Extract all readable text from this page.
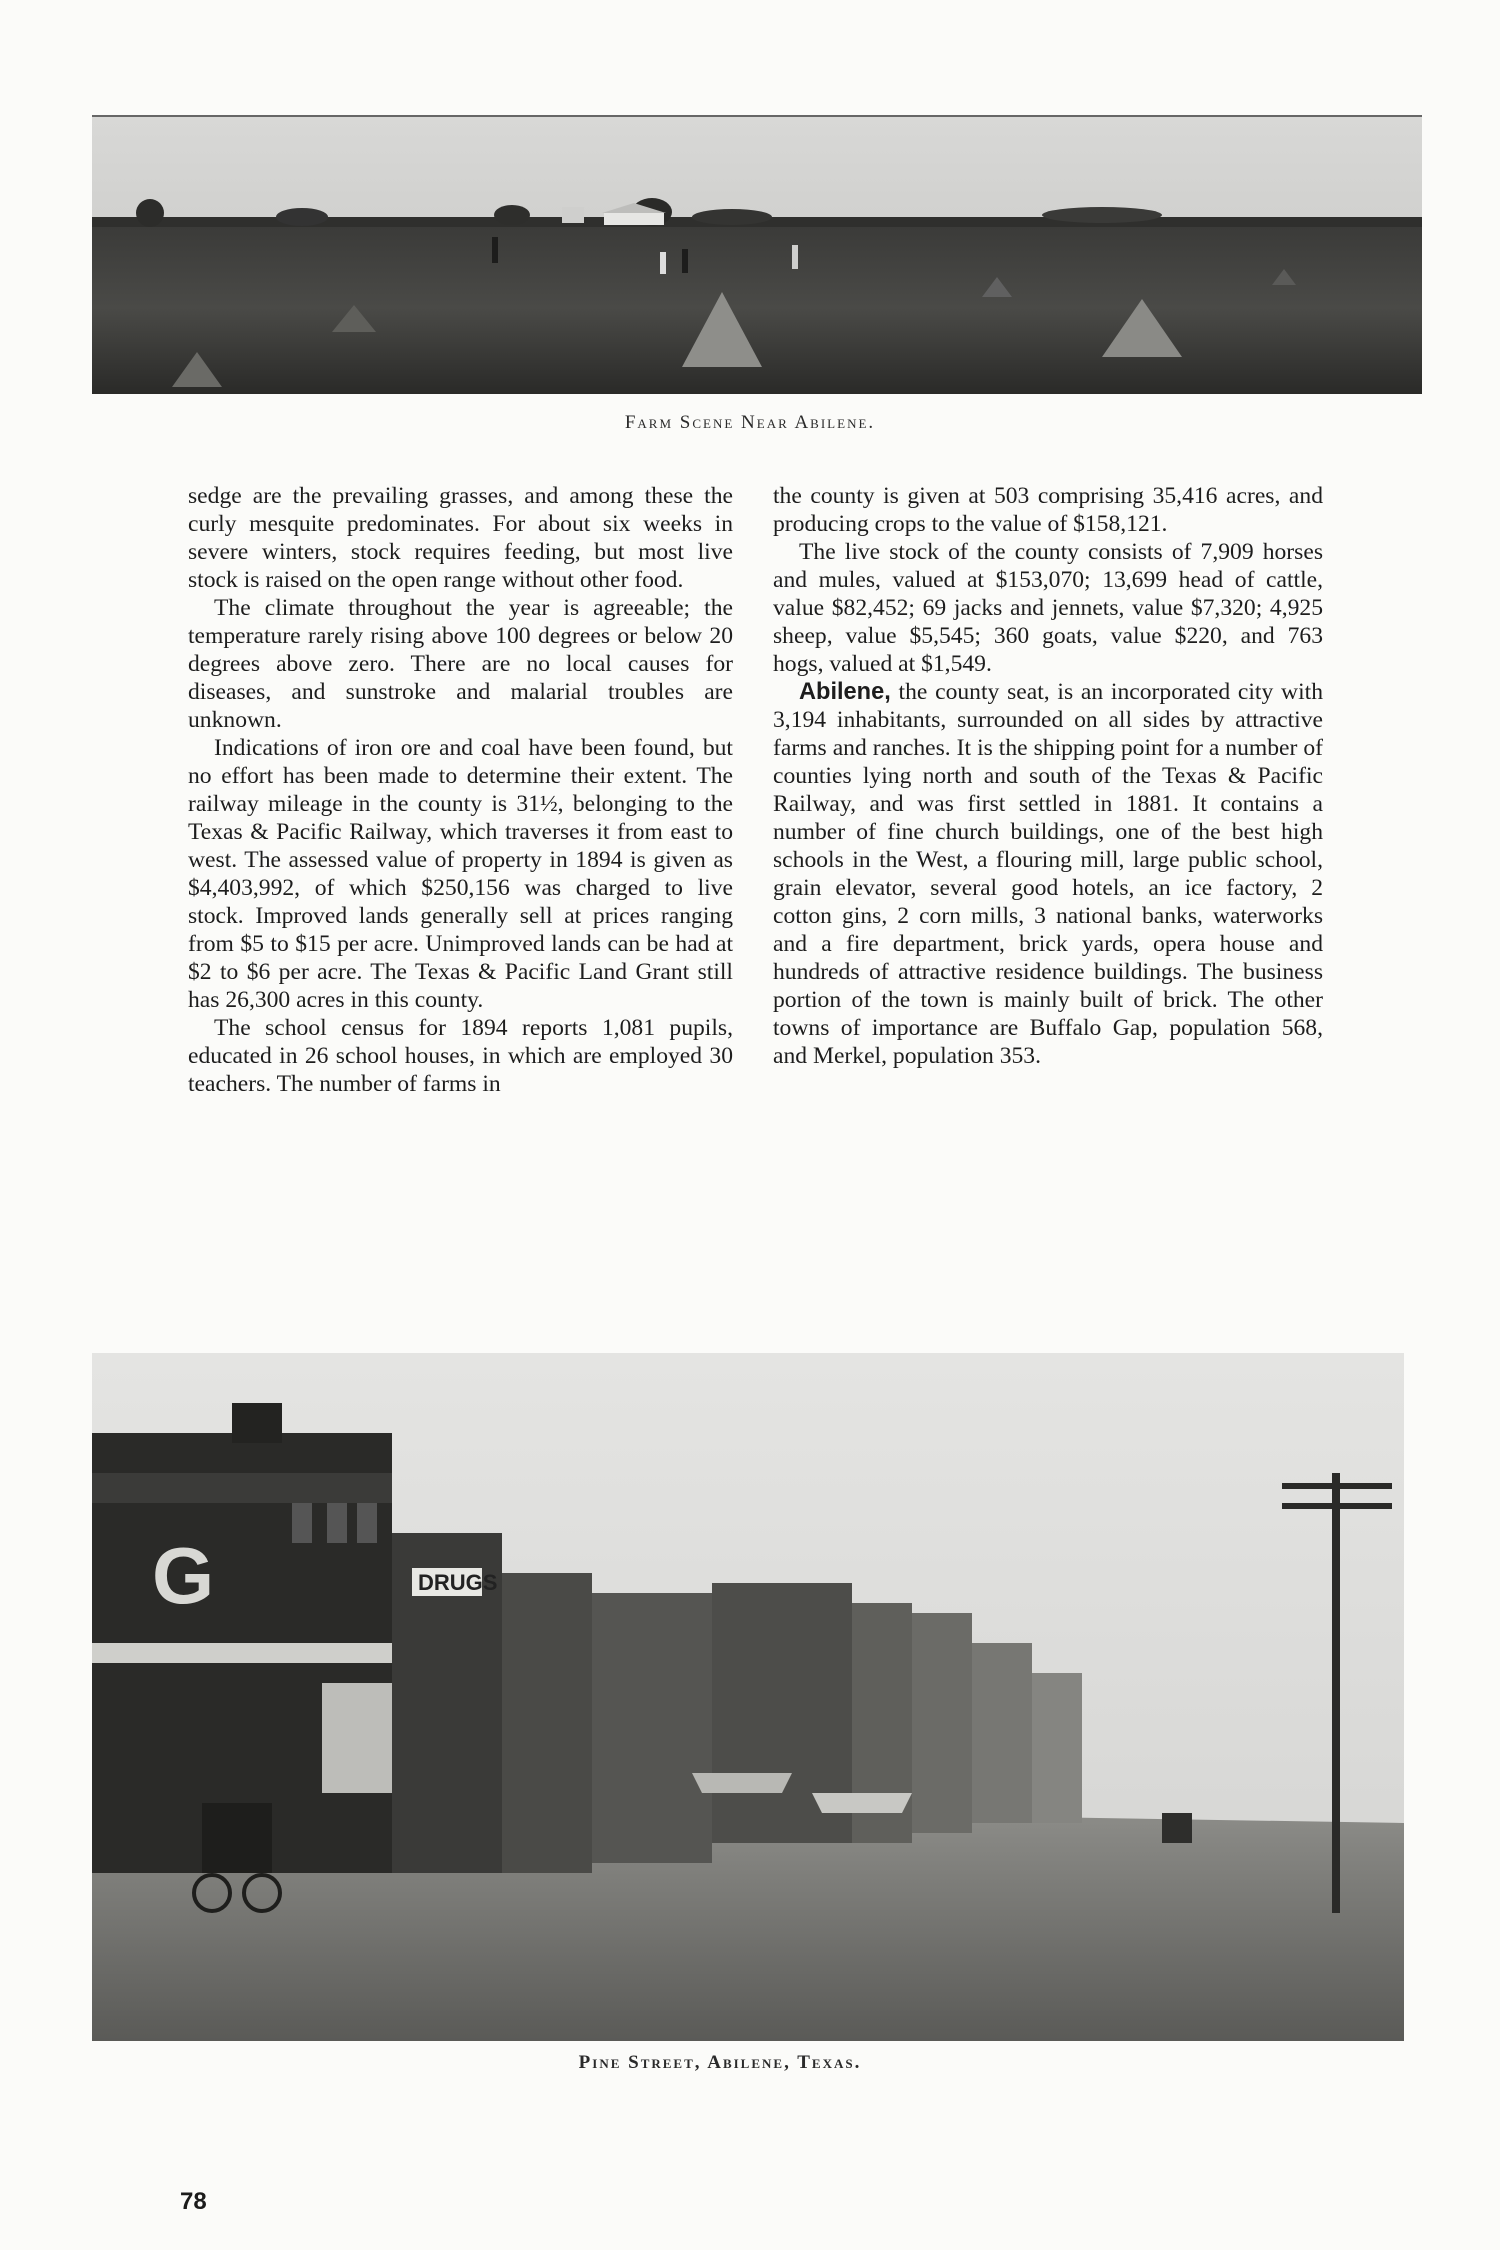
Farm Scene Near Abilene.

sedge are the prevailing grasses, and among these the curly mesquite predominates. For about six weeks in severe winters, stock requires feeding, but most live stock is raised on the open range without other food.

The climate throughout the year is agreeable; the temperature rarely rising above 100 degrees or below 20 degrees above zero. There are no local causes for diseases, and sunstroke and malarial troubles are unknown.

Indications of iron ore and coal have been found, but no effort has been made to determine their extent. The railway mileage in the county is 31½, belonging to the Texas & Pacific Railway, which traverses it from east to west. The assessed value of property in 1894 is given as $4,403,992, of which $250,156 was charged to live stock. Improved lands generally sell at prices ranging from $5 to $15 per acre. Unimproved lands can be had at $2 to $6 per acre. The Texas & Pacific Land Grant still has 26,300 acres in this county.

The school census for 1894 reports 1,081 pupils, educated in 26 school houses, in which are employed 30 teachers. The number of farms in

the county is given at 503 comprising 35,416 acres, and producing crops to the value of $158,121.

The live stock of the county consists of 7,909 horses and mules, valued at $153,070; 13,699 head of cattle, value $82,452; 69 jacks and jennets, value $7,320; 4,925 sheep, value $5,545; 360 goats, value $220, and 763 hogs, valued at $1,549.

Abilene, the county seat, is an incorporated city with 3,194 inhabitants, surrounded on all sides by attractive farms and ranches. It is the shipping point for a number of counties lying north and south of the Texas & Pacific Railway, and was first settled in 1881. It contains a number of fine church buildings, one of the best high schools in the West, a flouring mill, large public school, grain elevator, several good hotels, an ice factory, 2 cotton gins, 2 corn mills, 3 national banks, waterworks and a fire department, brick yards, opera house and hundreds of attractive residence buildings. The business portion of the town is mainly built of brick. The other towns of importance are Buffalo Gap, population 568, and Merkel, population 353.

G	DRUGS
Pine Street, Abilene, Texas.
78
